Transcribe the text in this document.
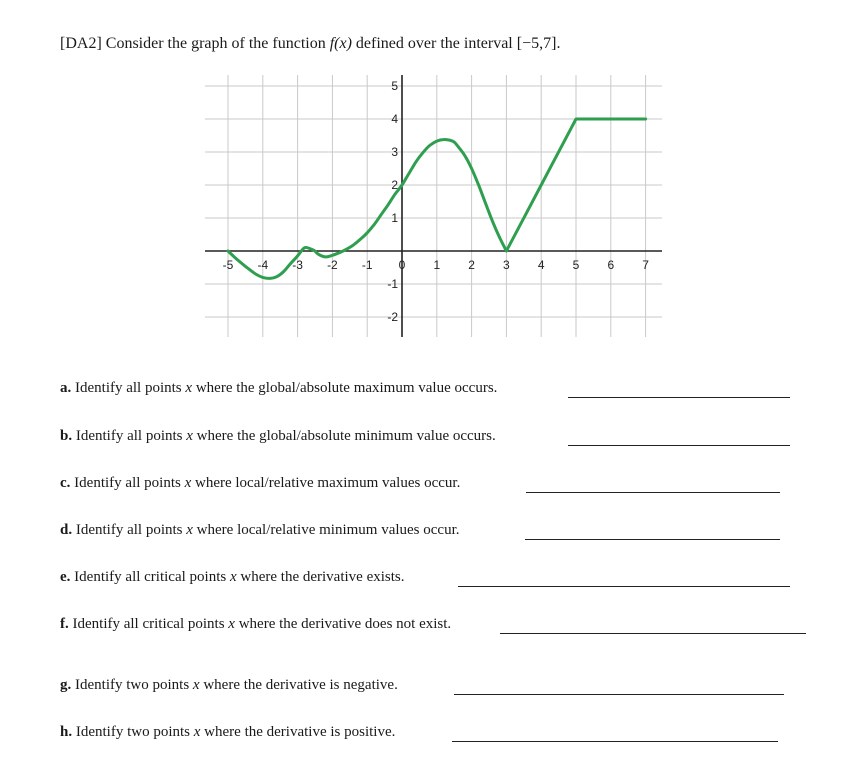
[DA2] Consider the graph of the function f(x) defined over the interval [−5,7].
-5 -4 -3 -2 -1 0 1 2 3 4 5 6 7
5
4
3
2
1
-1
-2
a. Identify all points x where the global/absolute maximum value occurs.
b. Identify all points x where the global/absolute minimum value occurs.
c. Identify all points x where local/relative maximum values occur.
d. Identify all points x where local/relative minimum values occur.
e. Identify all critical points x where the derivative exists.
f. Identify all critical points x where the derivative does not exist.
g. Identify two points x where the derivative is negative.
h. Identify two points x where the derivative is positive.
